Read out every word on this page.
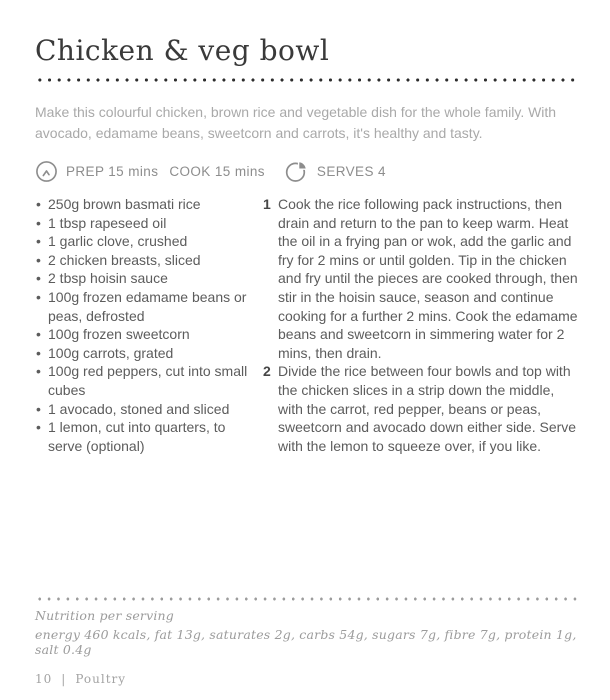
Chicken & veg bowl

Make this colourful chicken, brown rice and vegetable dish for the whole family. With avocado, edamame beans, sweetcorn and carrots, it's healthy and tasty.

PREP 15 mins COOK 15 mins	SERVES 4
• 250g brown basmati rice
• 1 tbsp rapeseed oil
• 1 garlic clove, crushed
• 2 chicken breasts, sliced
• 2 tbsp hoisin sauce
• 100g frozen edamame beans or peas, defrosted
• 100g frozen sweetcorn
• 100g carrots, grated
• 100g red peppers, cut into small cubes
• 1 avocado, stoned and sliced
• 1 lemon, cut into quarters, to serve (optional)
1 Cook the rice following pack instructions, then drain and return to the pan to keep warm. Heat the oil in a frying pan or wok, add the garlic and fry for 2 mins or until golden. Tip in the chicken and fry until the pieces are cooked through, then stir in the hoisin sauce, season and continue cooking for a further 2 mins. Cook the edamame beans and sweetcorn in simmering water for 2 mins, then drain.
2 Divide the rice between four bowls and top with the chicken slices in a strip down the middle, with the carrot, red pepper, beans or peas, sweetcorn and avocado down either side. Serve with the lemon to squeeze over, if you like.

Nutrition per serving

energy 460 kcals, fat 13g, saturates 2g, carbs 54g, sugars 7g, fibre 7g, protein 1g, salt 0.4g

10 | Poultry
